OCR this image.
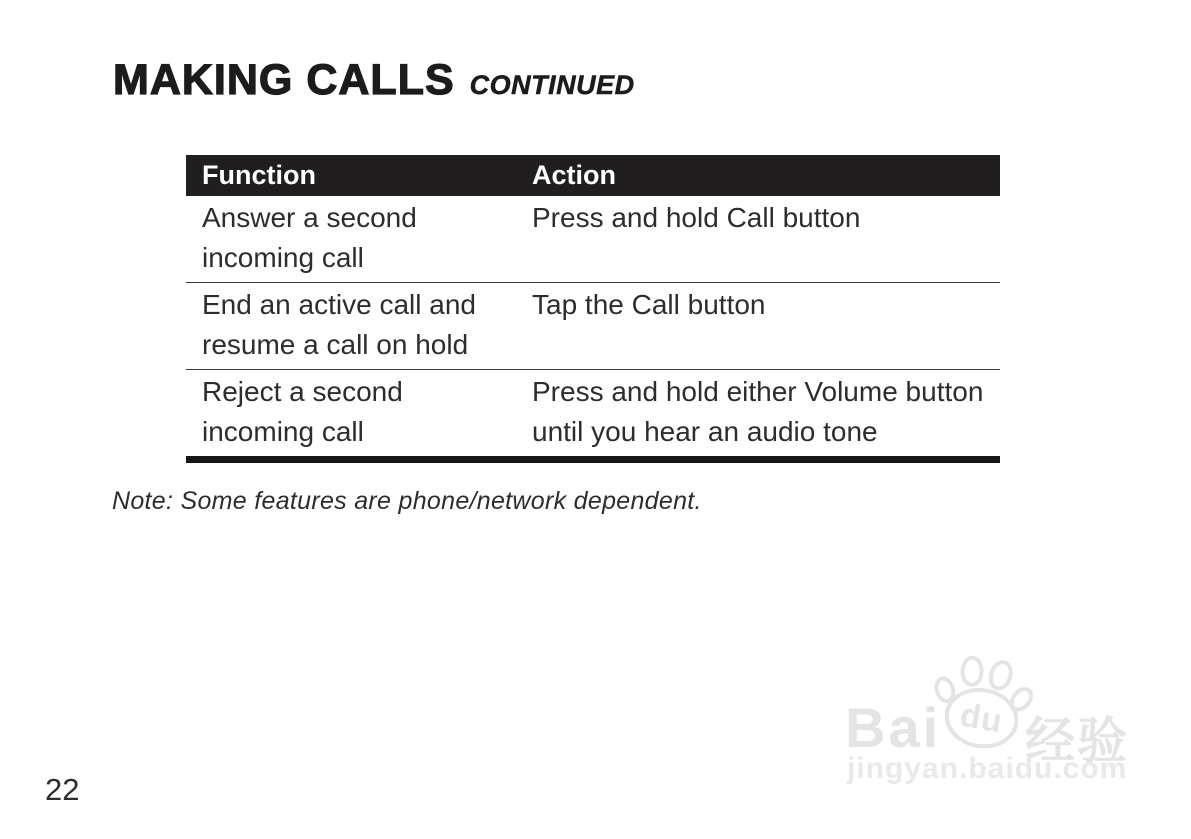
MAKING CALLS CONTINUED
Function	Action
Answer a second incoming call	Press and hold Call button
End an active call and resume a call on hold	Tap the Call button
Reject a second incoming call	Press and hold either Volume button until you hear an audio tone

Note: Some features are phone/network dependent.

22
Bai du 经验
jingyan.baidu.com
